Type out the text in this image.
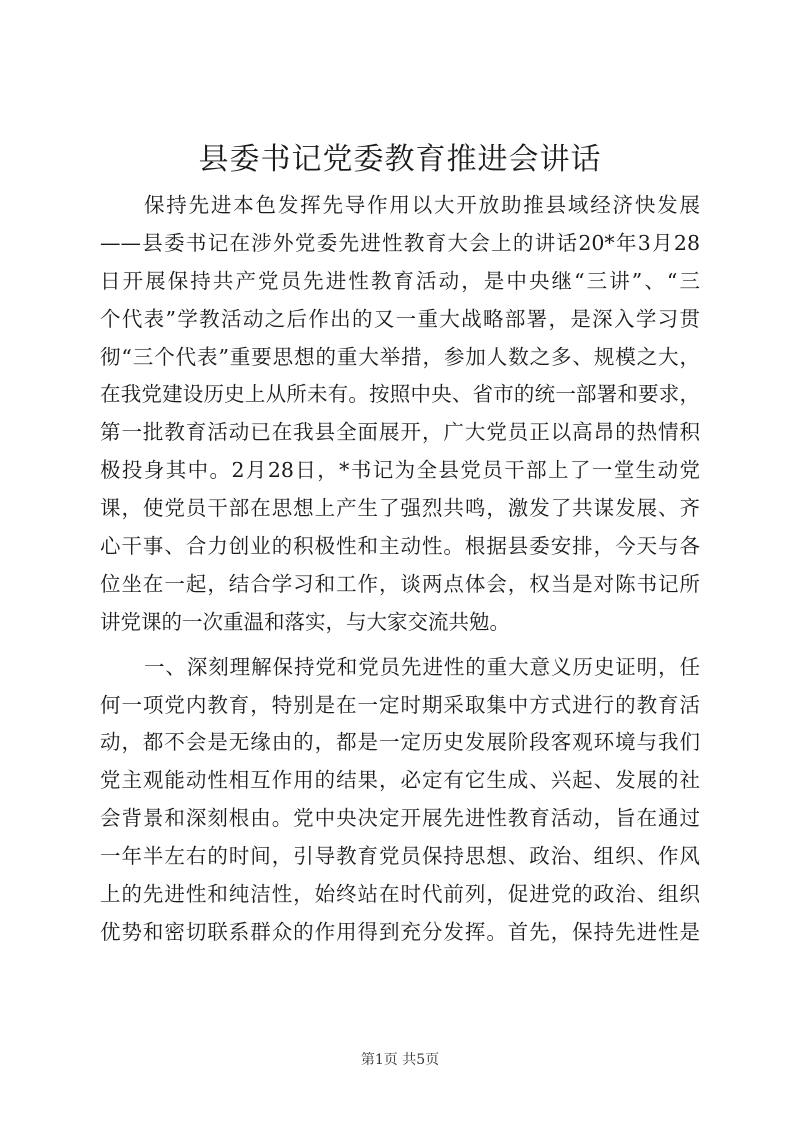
县委书记党委教育推进会讲话
保持先进本色发挥先导作用以大开放助推县域经济快发展
——县委书记在涉外党委先进性教育大会上的讲话20*年3月28
日开展保持共产党员先进性教育活动，是中央继“三讲”、“三
个代表”学教活动之后作出的又一重大战略部署，是深入学习贯
彻“三个代表”重要思想的重大举措，参加人数之多、规模之大，
在我党建设历史上从所未有。按照中央、省市的统一部署和要求，
第一批教育活动已在我县全面展开，广大党员正以高昂的热情积
极投身其中。2月28日，*书记为全县党员干部上了一堂生动党
课，使党员干部在思想上产生了强烈共鸣，激发了共谋发展、齐
心干事、合力创业的积极性和主动性。根据县委安排，今天与各
位坐在一起，结合学习和工作，谈两点体会，权当是对陈书记所
讲党课的一次重温和落实，与大家交流共勉。
一、深刻理解保持党和党员先进性的重大意义历史证明，任
何一项党内教育，特别是在一定时期采取集中方式进行的教育活
动，都不会是无缘由的，都是一定历史发展阶段客观环境与我们
党主观能动性相互作用的结果，必定有它生成、兴起、发展的社
会背景和深刻根由。党中央决定开展先进性教育活动，旨在通过
一年半左右的时间，引导教育党员保持思想、政治、组织、作风
上的先进性和纯洁性，始终站在时代前列，促进党的政治、组织
优势和密切联系群众的作用得到充分发挥。首先，保持先进性是
第1页 共5页
